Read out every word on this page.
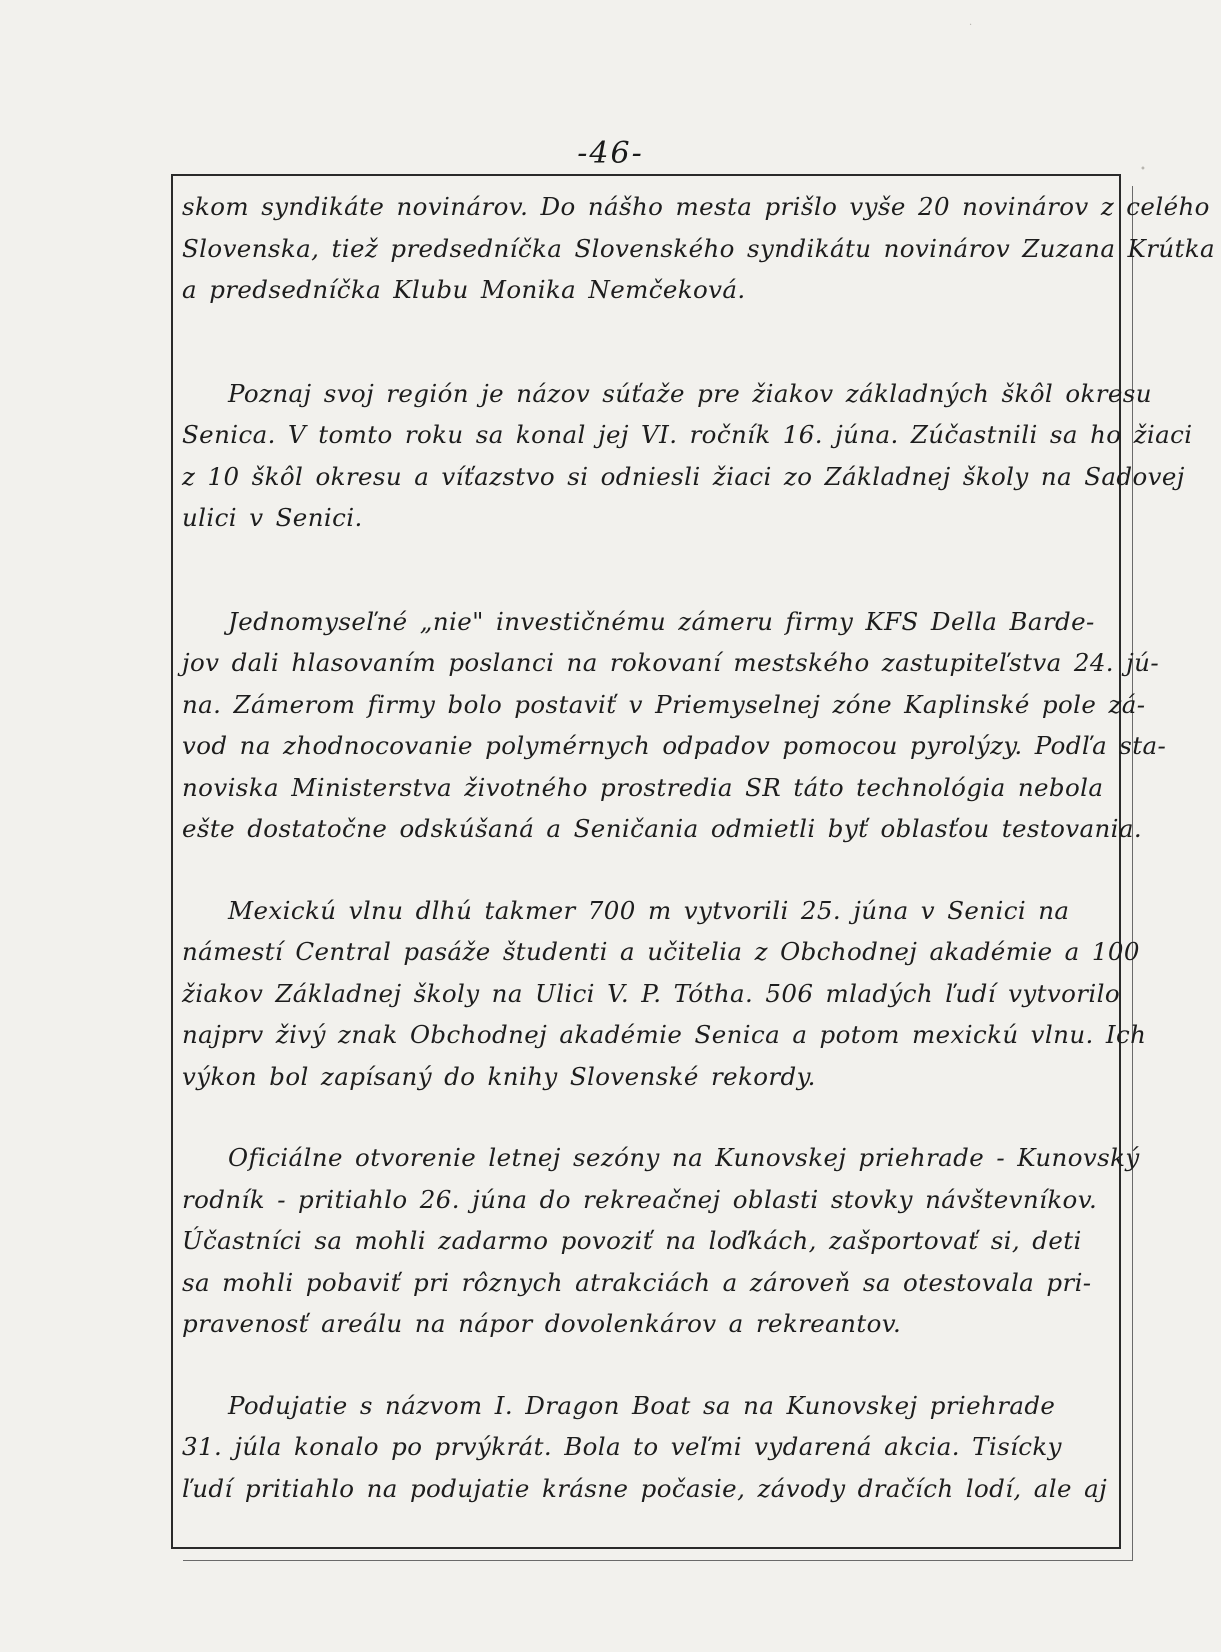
-46-
skom syndikáte novinárov. Do nášho mesta prišlo vyše 20 novinárov z celého
Slovenska, tiež predsedníčka Slovenského syndikátu novinárov Zuzana Krútka
a predsedníčka Klubu Monika Nemčeková.
Poznaj svoj región je názov súťaže pre žiakov základných škôl okresu
Senica. V tomto roku sa konal jej VI. ročník 16. júna. Zúčastnili sa ho žiaci
z 10 škôl okresu a víťazstvo si odniesli žiaci zo Základnej školy na Sadovej
ulici v Senici.
Jednomyseľné „nie" investičnému zámeru firmy KFS Della Barde-
jov dali hlasovaním poslanci na rokovaní mestského zastupiteľstva 24. jú-
na. Zámerom firmy bolo postaviť v Priemyselnej zóne Kaplinské pole zá-
vod na zhodnocovanie polymérnych odpadov pomocou pyrolýzy. Podľa sta-
noviska Ministerstva životného prostredia SR táto technológia nebola
ešte dostatočne odskúšaná a Seničania odmietli byť oblasťou testovania.
Mexickú vlnu dlhú takmer 700 m vytvorili 25. júna v Senici na
námestí Central pasáže študenti a učitelia z Obchodnej akadémie a 100
žiakov Základnej školy na Ulici V. P. Tótha. 506 mladých ľudí vytvorilo
najprv živý znak Obchodnej akadémie Senica a potom mexickú vlnu. Ich
výkon bol zapísaný do knihy Slovenské rekordy.
Oficiálne otvorenie letnej sezóny na Kunovskej priehrade - Kunovský
rodník - pritiahlo 26. júna do rekreačnej oblasti stovky návštevníkov.
Účastníci sa mohli zadarmo povoziť na loďkách, zašportovať si, deti
sa mohli pobaviť pri rôznych atrakciách a zároveň sa otestovala pri-
pravenosť areálu na nápor dovolenkárov a rekreantov.
Podujatie s názvom I. Dragon Boat sa na Kunovskej priehrade
31. júla konalo po prvýkrát. Bola to veľmi vydarená akcia. Tisícky
ľudí pritiahlo na podujatie krásne počasie, závody dračích lodí, ale aj
•
·
